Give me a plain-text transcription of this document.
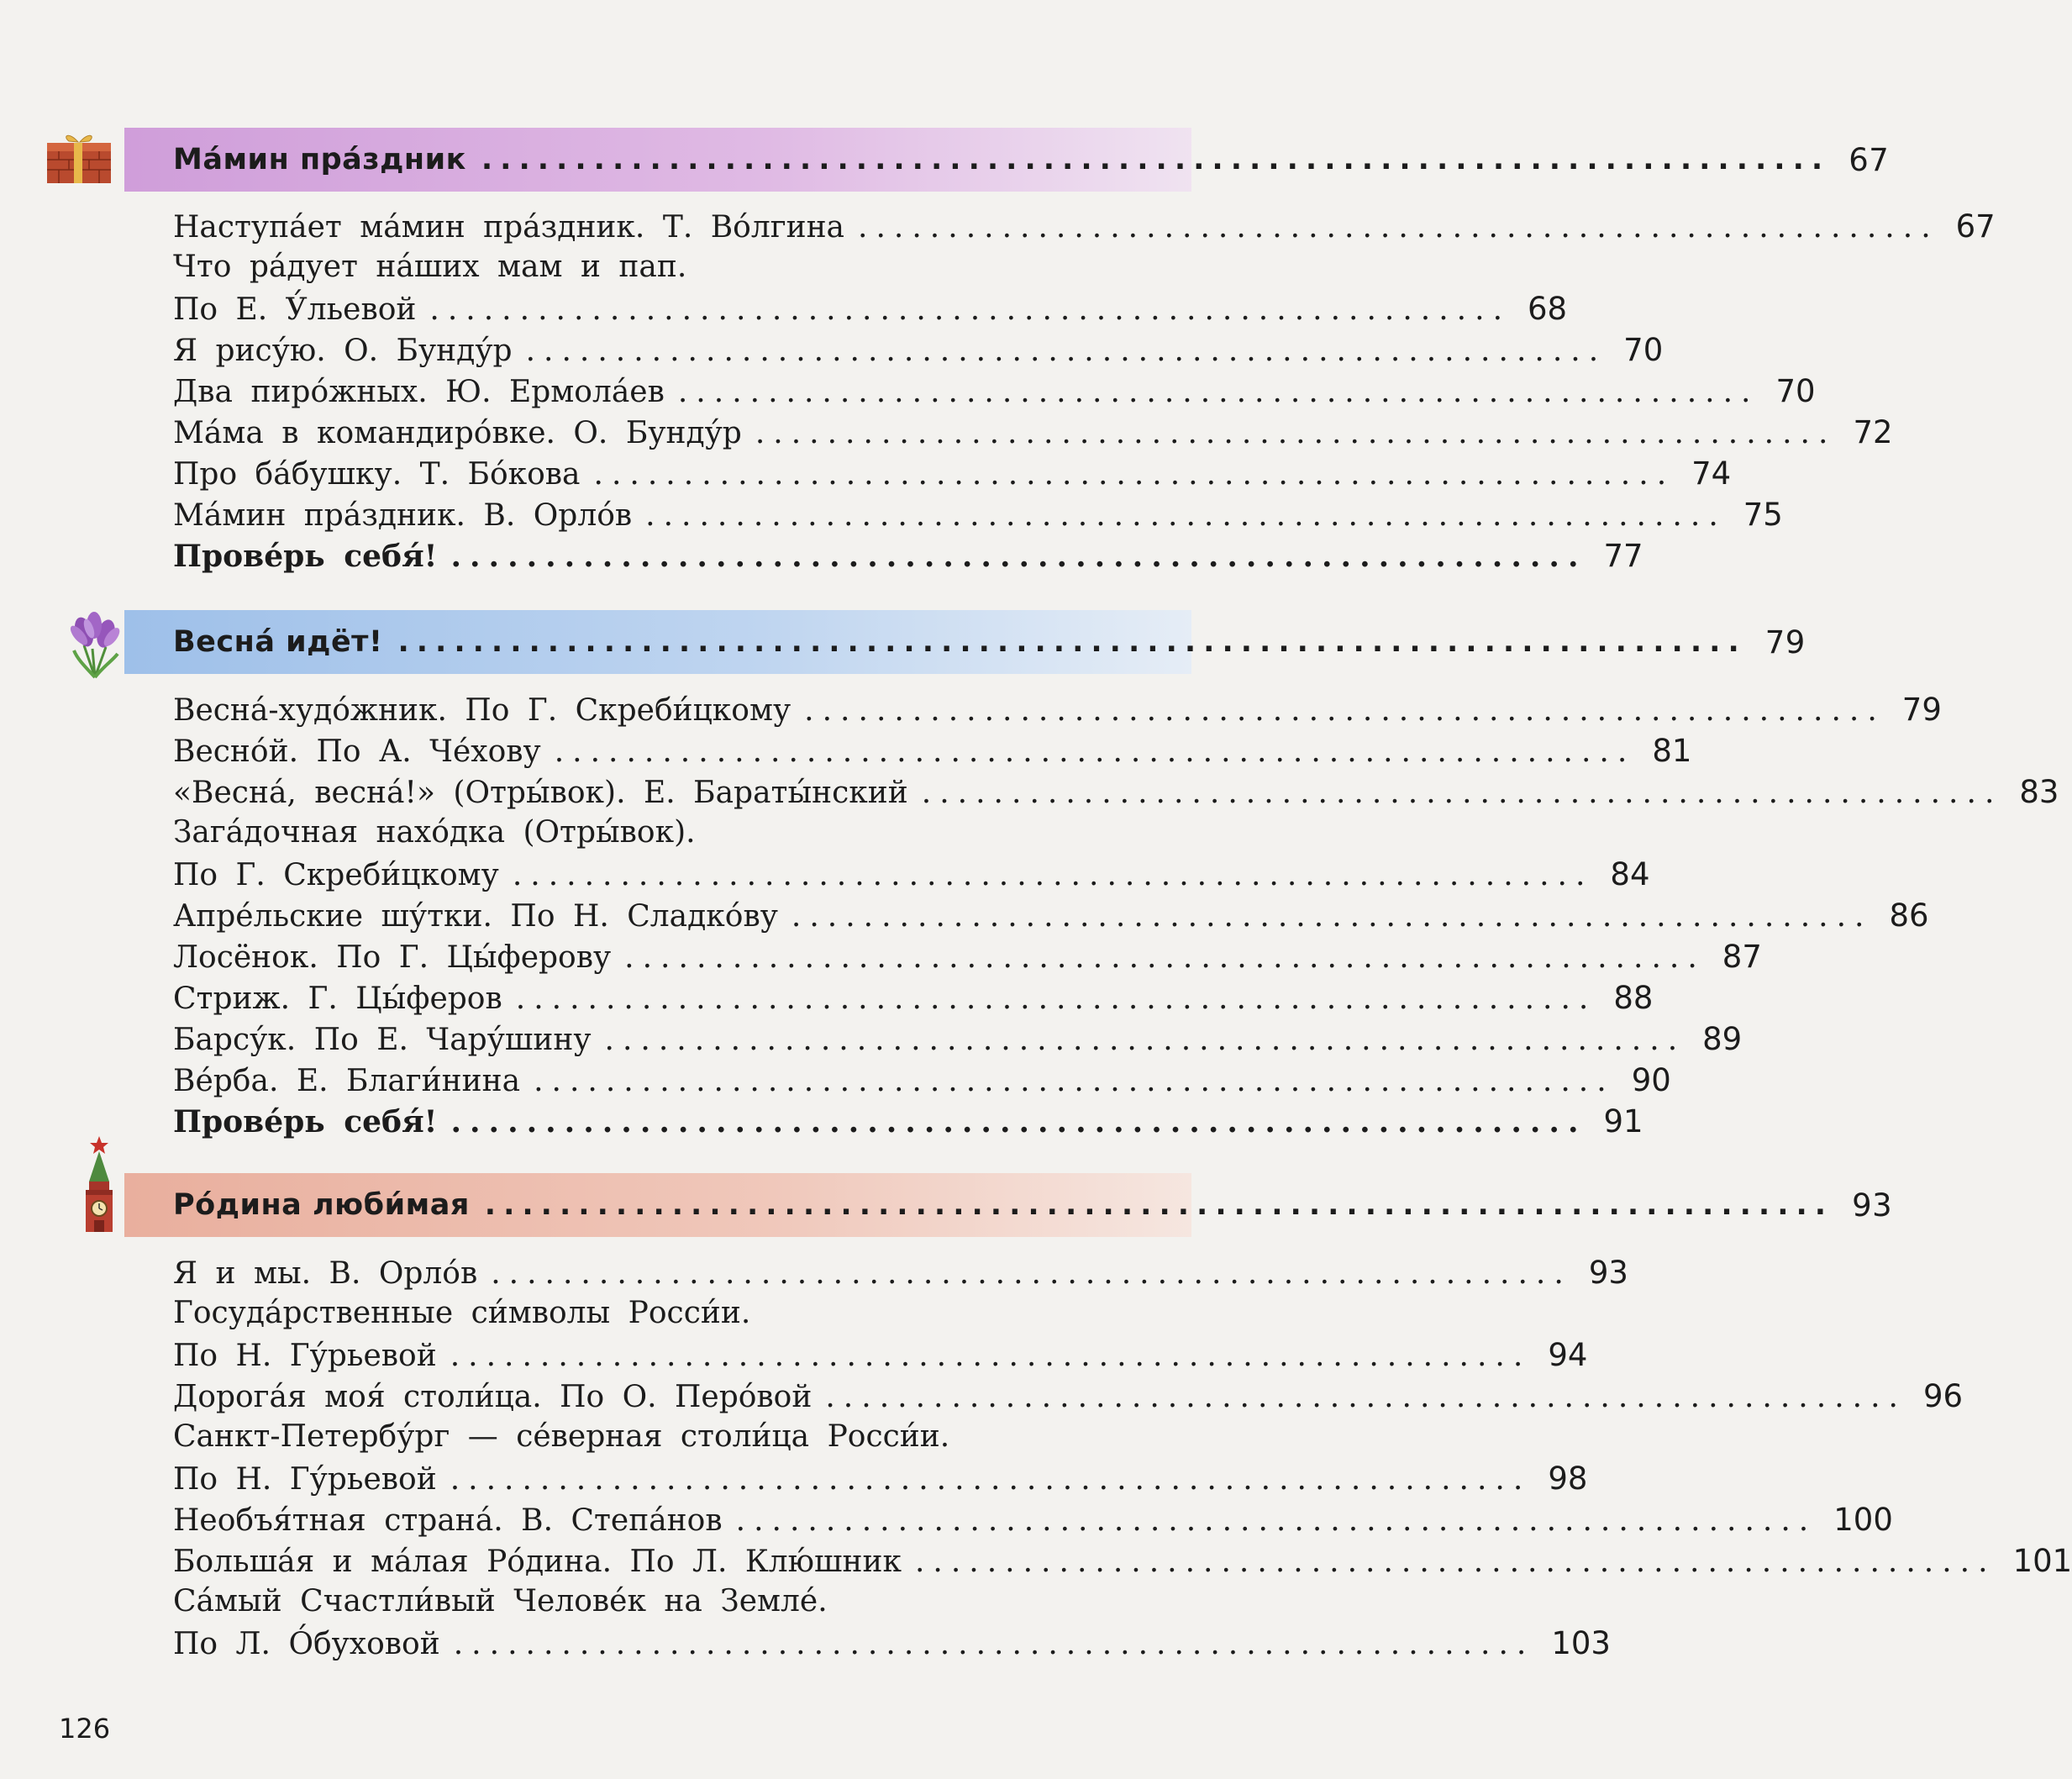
Ма́мин пра́здник ........................................................................ 67
Наступа́ет ма́мин пра́здник. Т. Во́лгина ............................................................ 67
Что ра́дует на́ших мам и пап.
По Е. У́льевой ............................................................ 68
Я рису́ю. О. Бунду́р ............................................................ 70
Два пиро́жных. Ю. Ермола́ев ............................................................ 70
Ма́ма в командиро́вке. О. Бунду́р ............................................................ 72
Про ба́бушку. Т. Бо́кова ............................................................ 74
Ма́мин пра́здник. В. Орло́в ............................................................ 75
Прове́рь себя́! ............................................................ 77
Весна́ идёт! ........................................................................ 79
Весна́-худо́жник. По Г. Скреби́цкому ............................................................ 79
Весно́й. По А. Че́хову ............................................................ 81
«Весна́, весна́!» (Отры́вок). Е. Бараты́нский ............................................................ 83
Зага́дочная нахо́дка (Отры́вок).
По Г. Скреби́цкому ............................................................ 84
Апре́льские шу́тки. По Н. Сладко́ву ............................................................ 86
Лосёнок. По Г. Цы́ферову ............................................................ 87
Стриж. Г. Цы́феров ............................................................ 88
Барсу́к. По Е. Чару́шину ............................................................ 89
Ве́рба. Е. Благи́нина ............................................................ 90
Прове́рь себя́! ............................................................ 91
Ро́дина люби́мая ........................................................................ 93
Я и мы. В. Орло́в ............................................................ 93
Госуда́рственные си́мволы Росси́и.
По Н. Гу́рьевой ............................................................ 94
Дорога́я моя́ столи́ца. По О. Перо́вой ............................................................ 96
Санкт-Петербу́рг — се́верная столи́ца Росси́и.
По Н. Гу́рьевой ............................................................ 98
Необъя́тная страна́. В. Степа́нов ............................................................ 100
Больша́я и ма́лая Ро́дина. По Л. Клю́шник ............................................................ 101
Са́мый Счастли́вый Челове́к на Земле́.
По Л. О́буховой ............................................................ 103
126
